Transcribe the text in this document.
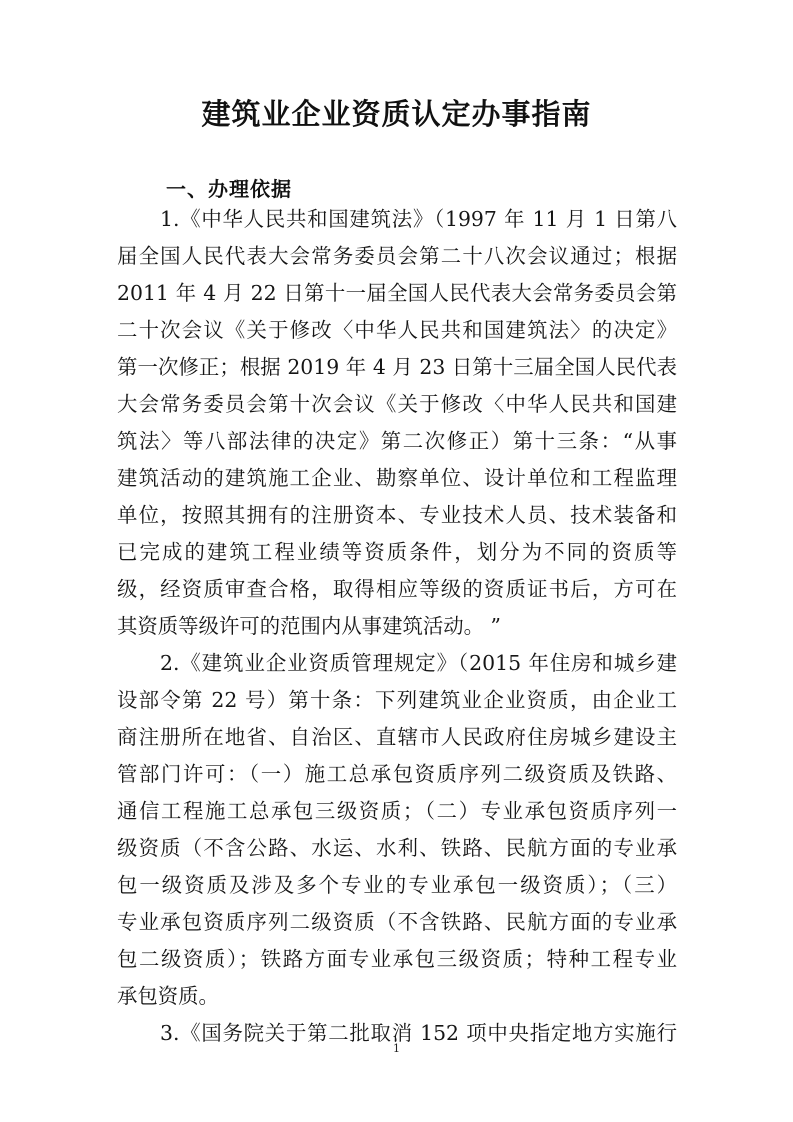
建筑业企业资质认定办事指南
一、办理依据
1.《中华人民共和国建筑法》（1997 年 11 月 1 日第八
届全国人民代表大会常务委员会第二十八次会议通过；根据
2011 年 4 月 22 日第十一届全国人民代表大会常务委员会第
二十次会议《关于修改〈中华人民共和国建筑法〉的决定》
第一次修正；根据 2019 年 4 月 23 日第十三届全国人民代表
大会常务委员会第十次会议《关于修改〈中华人民共和国建
筑法〉等八部法律的决定》第二次修正）第十三条：“从事
建筑活动的建筑施工企业、勘察单位、设计单位和工程监理
单位，按照其拥有的注册资本、专业技术人员、技术装备和
已完成的建筑工程业绩等资质条件，划分为不同的资质等
级，经资质审查合格，取得相应等级的资质证书后，方可在
其资质等级许可的范围内从事建筑活动。 ”
2.《建筑业企业资质管理规定》（2015 年住房和城乡建
设部令第 22 号）第十条：下列建筑业企业资质，由企业工
商注册所在地省、自治区、直辖市人民政府住房城乡建设主
管部门许可：（一）施工总承包资质序列二级资质及铁路、
通信工程施工总承包三级资质；（二）专业承包资质序列一
级资质（不含公路、水运、水利、铁路、民航方面的专业承
包一级资质及涉及多个专业的专业承包一级资质）；（三）
专业承包资质序列二级资质（不含铁路、民航方面的专业承
包二级资质）；铁路方面专业承包三级资质；特种工程专业
承包资质。
3.《国务院关于第二批取消 152 项中央指定地方实施行
1
